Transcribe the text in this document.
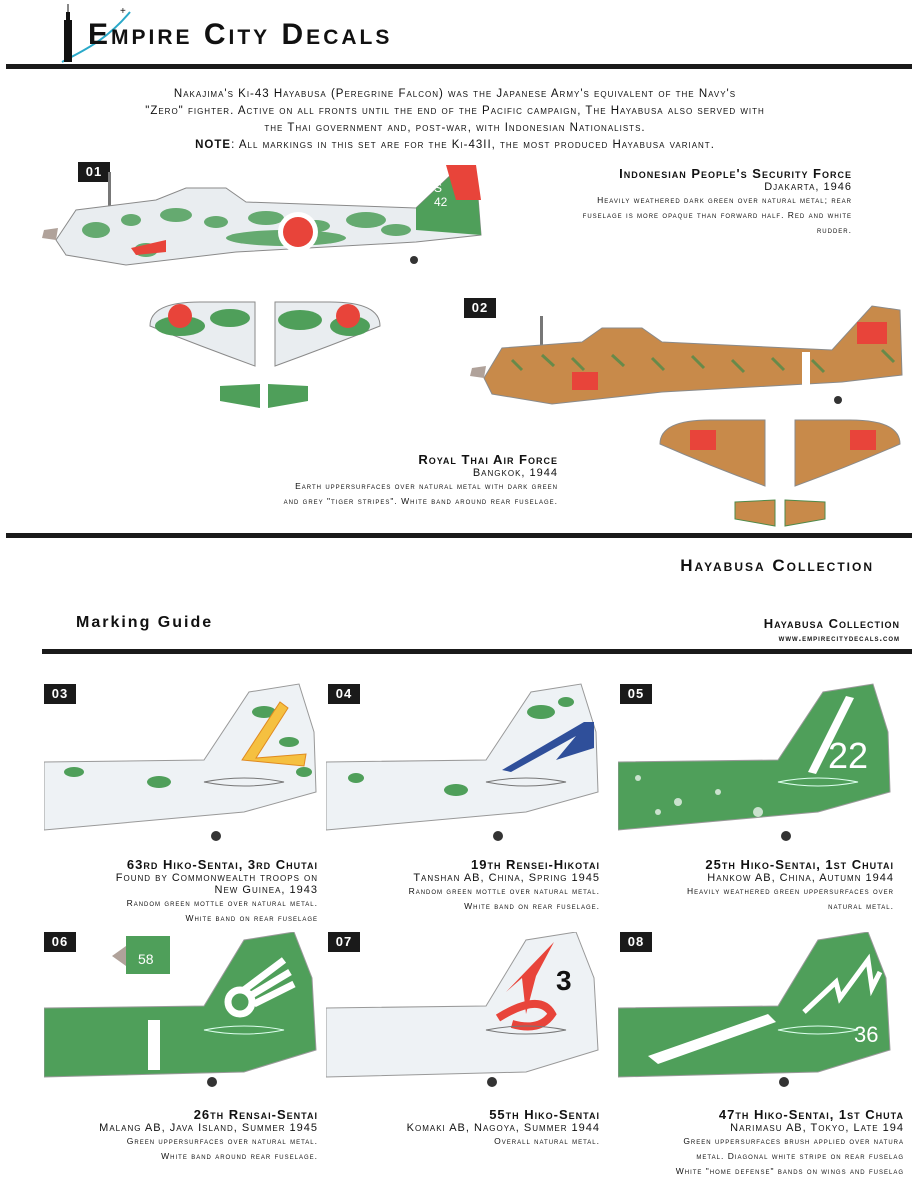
+
Empire City Decals
Nakajima's Ki-43 Hayabusa (Peregrine Falcon) was the Japanese Army's equivalent of the Navy's
"Zero" fighter. Active on all fronts until the end of the Pacific campaign, The Hayabusa also served with
the Thai government and, post-war, with Indonesian Nationalists.
NOTE: All markings in this set are for the Ki-43II, the most produced Hayabusa variant.
01
S
42
Indonesian People's Security Force
Djakarta, 1946
Heavily weathered dark green over natural metal; rear
fuselage is more opaque than forward half. Red and white
rudder.
02
Royal Thai Air Force
Bangkok, 1944
Earth uppersurfaces over natural metal with dark green
and grey "tiger stripes". White band around rear fuselage.
Hayabusa Collection
Marking Guide	Hayabusa Collection
www.empirecitydecals.com
03
63rd Hiko-Sentai, 3rd Chutai
Found by Commonwealth troops on
New Guinea, 1943
Random green mottle over natural metal.
White band on rear fuselage
04
19th Rensei-Hikotai
Tanshan AB, China, Spring 1945
Random green mottle over natural metal.
White band on rear fuselage.
05
22
25th Hiko-Sentai, 1st Chutai
Hankow AB, China, Autumn 1944
Heavily weathered green uppersurfaces over
natural metal.
06
58
26th Rensai-Sentai
Malang AB, Java Island, Summer 1945
Green uppersurfaces over natural metal.
White band around rear fuselage.
07
3
55th Hiko-Sentai
Komaki AB, Nagoya, Summer 1944
Overall natural metal.
08
36
47th Hiko-Sentai, 1st Chuta
Narimasu AB, Tokyo, Late 194
Green uppersurfaces brush applied over natura
metal. Diagonal white stripe on rear fuselag
White "home defense" bands on wings and fuselag
